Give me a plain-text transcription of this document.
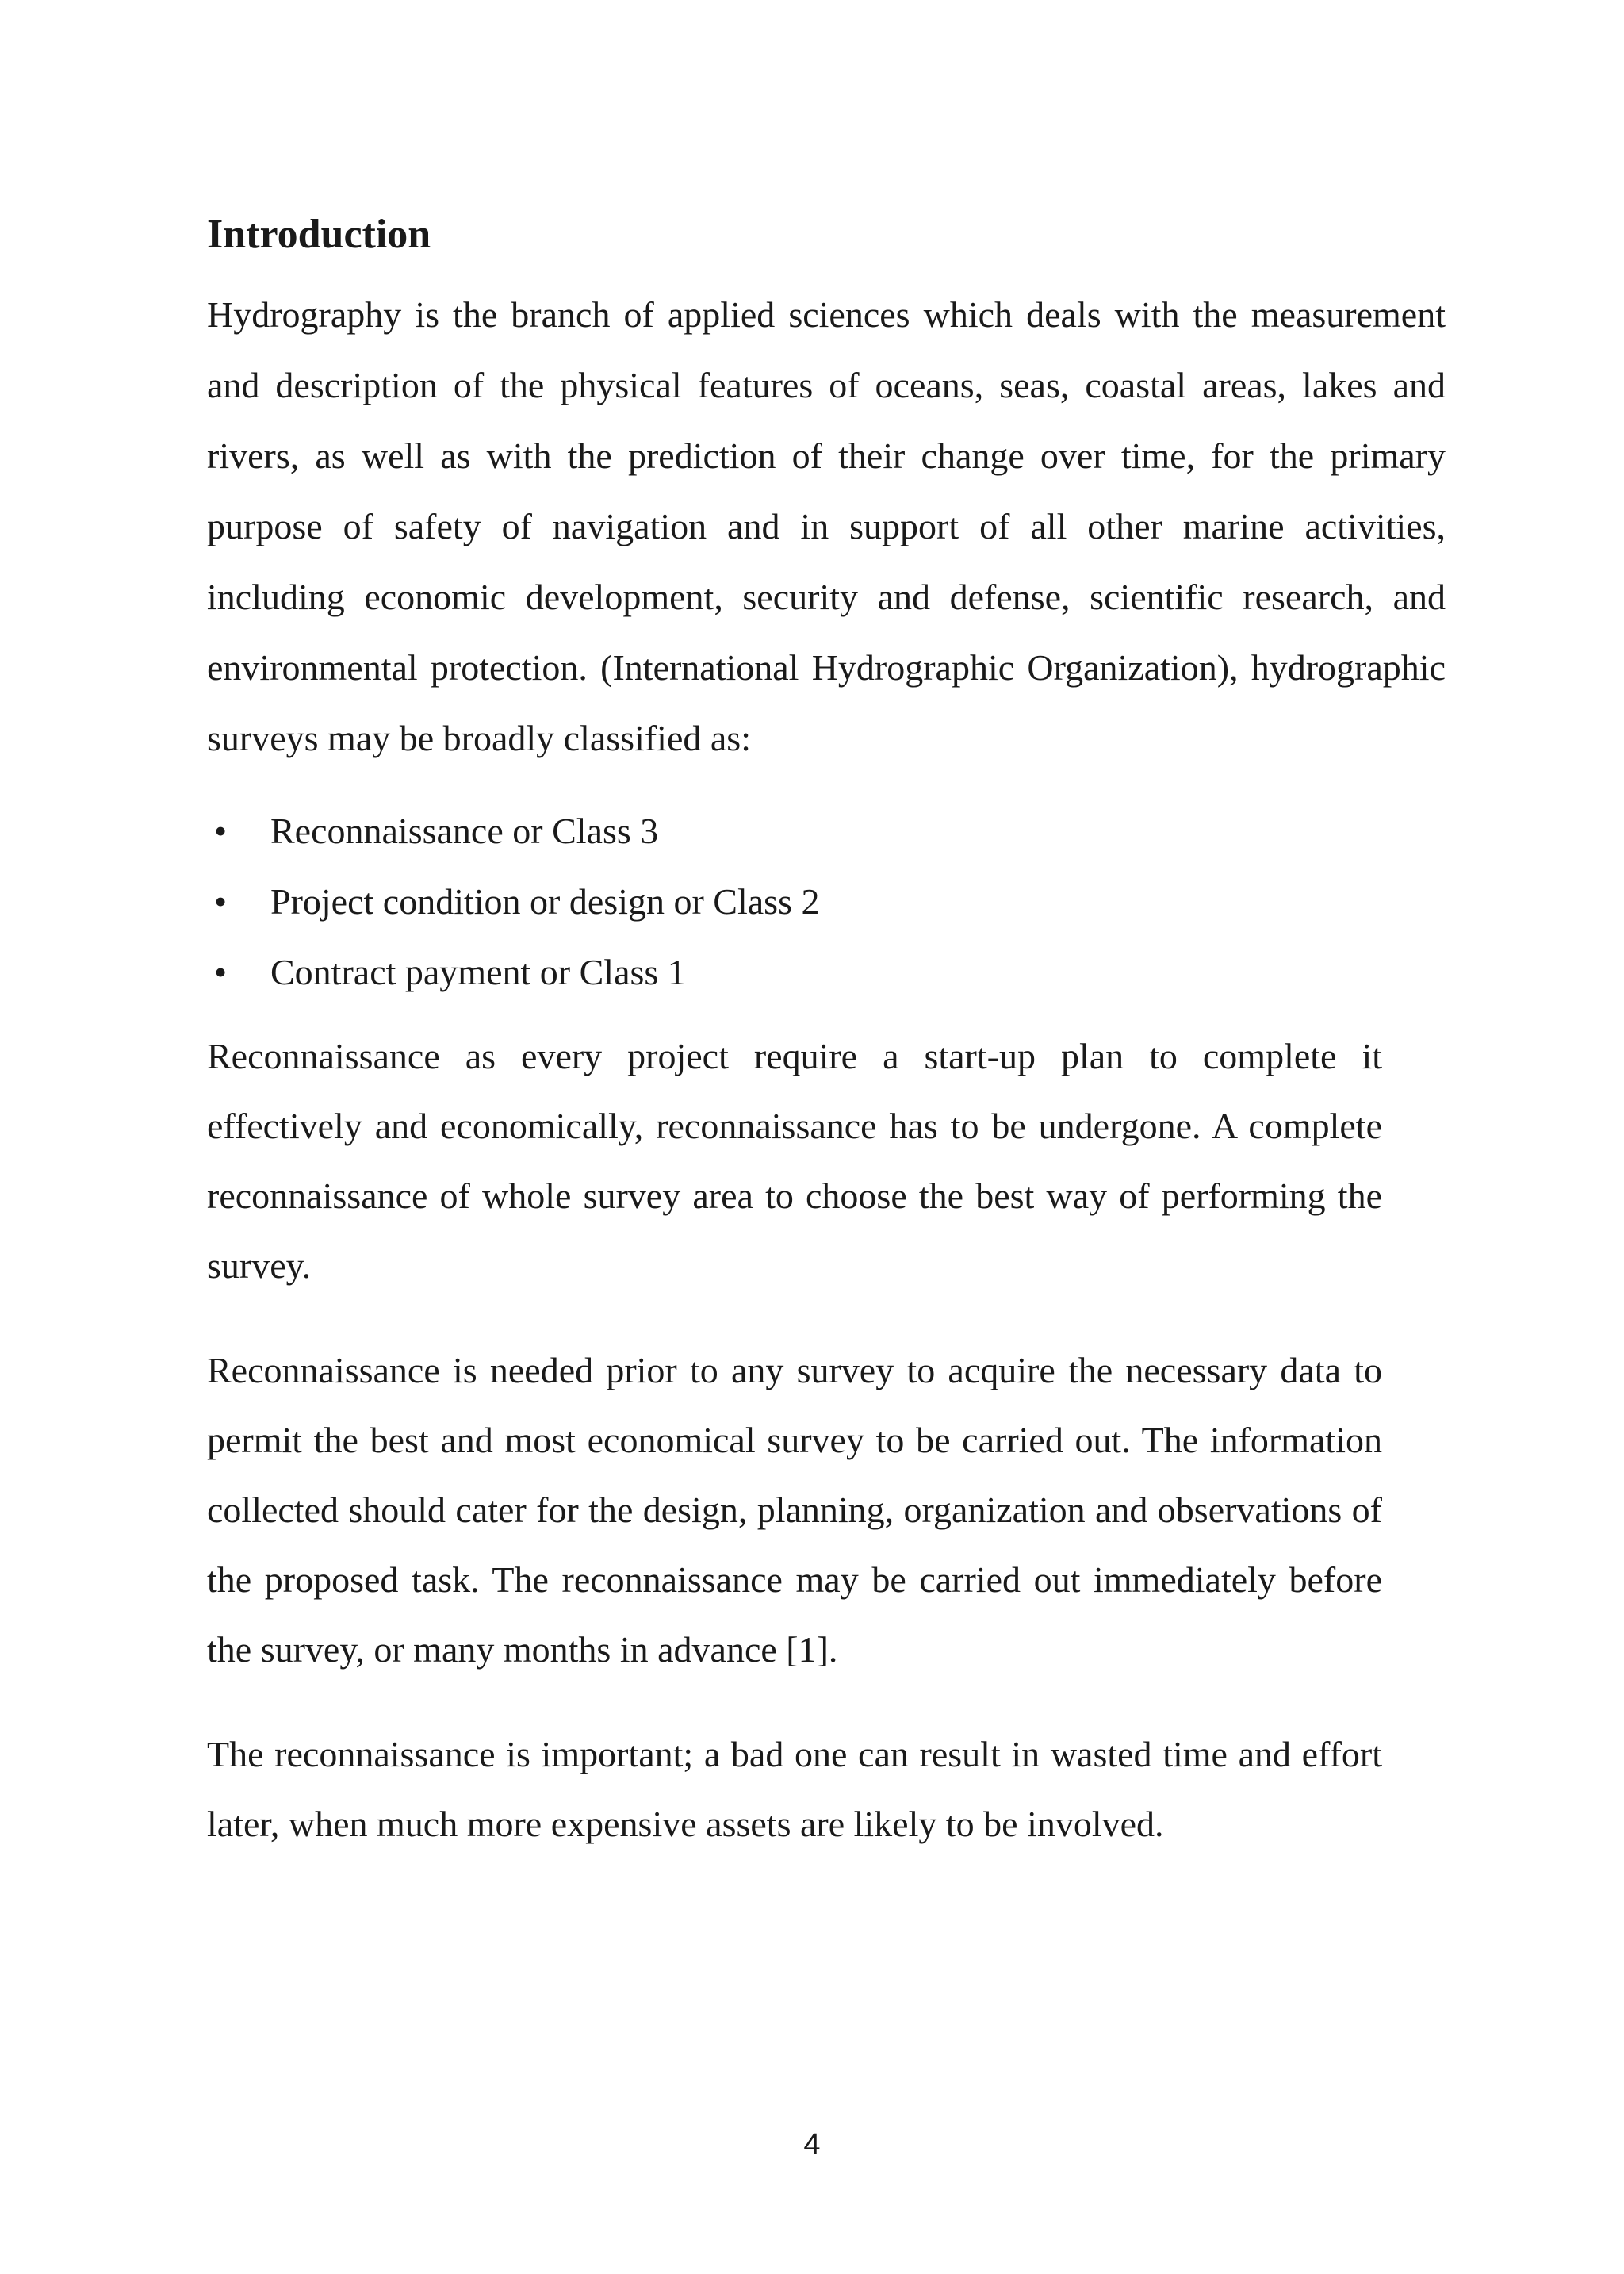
Introduction

Hydrography is the branch of applied sciences which deals with the measurement and description of the physical features of oceans, seas, coastal areas, lakes and rivers, as well as with the prediction of their change over time, for the primary purpose of safety of navigation and in support of all other marine activities, including economic development, security and defense, scientific research, and environmental protection. (International Hydrographic Organization), hydrographic surveys may be broadly classified as:

•	Reconnaissance or Class 3
•	Project condition or design or Class 2
•	Contract payment or Class 1

Reconnaissance as every project require a start-up plan to complete it effectively and economically, reconnaissance has to be undergone. A complete reconnaissance of whole survey area to choose the best way of performing the survey.

Reconnaissance is needed prior to any survey to acquire the necessary data to permit the best and most economical survey to be carried out. The information collected should cater for the design, planning, organization and observations of the proposed task. The reconnaissance may be carried out immediately before the survey, or many months in advance [1].

The reconnaissance is important; a bad one can result in wasted time and effort later, when much more expensive assets are likely to be involved.

4
